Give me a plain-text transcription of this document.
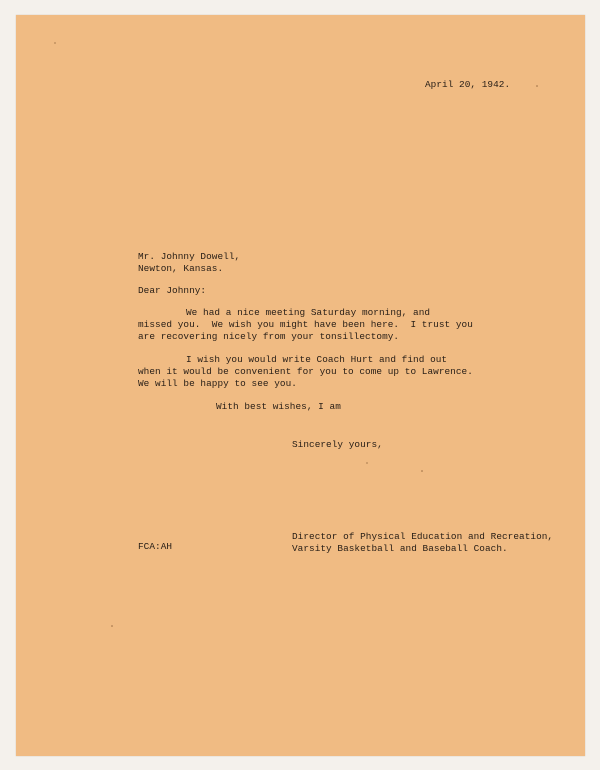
April 20, 1942.
Mr. Johnny Dowell,
Newton, Kansas.
Dear Johnny:
We had a nice meeting Saturday morning, and
missed you.  We wish you might have been here.  I trust you
are recovering nicely from your tonsillectomy.
I wish you would write Coach Hurt and find out
when it would be convenient for you to come up to Lawrence.
We will be happy to see you.
With best wishes, I am
Sincerely yours,
Director of Physical Education and Recreation,
Varsity Basketball and Baseball Coach.
FCA:AH
